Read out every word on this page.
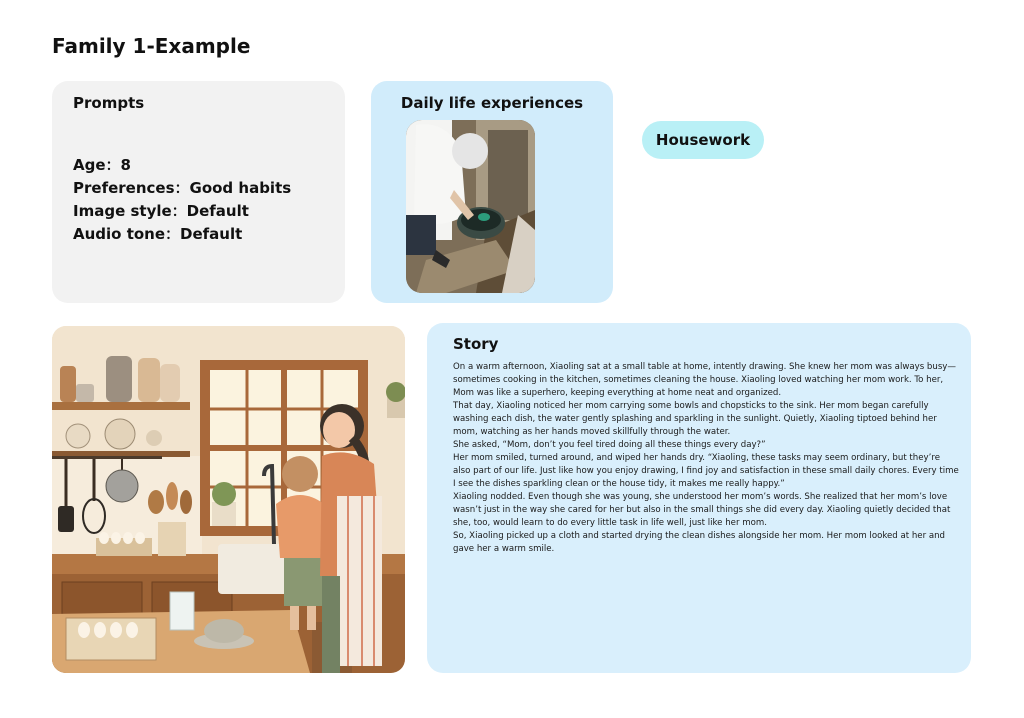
Family 1-Example
Prompts
Age：8
Preferences：Good habits
Image style：Default
Audio tone：Default
Daily life experiences
Housework
Story

On a warm afternoon, Xiaoling sat at a small table at home, intently drawing. She knew her mom was always busy—sometimes cooking in the kitchen, sometimes cleaning the house. Xiaoling loved watching her mom work. To her, Mom was like a superhero, keeping everything at home neat and organized.

That day, Xiaoling noticed her mom carrying some bowls and chopsticks to the sink. Her mom began carefully washing each dish, the water gently splashing and sparkling in the sunlight. Quietly, Xiaoling tiptoed behind her mom, watching as her hands moved skillfully through the water.

She asked, “Mom, don’t you feel tired doing all these things every day?”

Her mom smiled, turned around, and wiped her hands dry. “Xiaoling, these tasks may seem ordinary, but they’re also part of our life. Just like how you enjoy drawing, I find joy and satisfaction in these small daily chores. Every time I see the dishes sparkling clean or the house tidy, it makes me really happy.”

Xiaoling nodded. Even though she was young, she understood her mom’s words. She realized that her mom’s love wasn’t just in the way she cared for her but also in the small things she did every day. Xiaoling quietly decided that she, too, would learn to do every little task in life well, just like her mom.

So, Xiaoling picked up a cloth and started drying the clean dishes alongside her mom. Her mom looked at her and gave her a warm smile.
